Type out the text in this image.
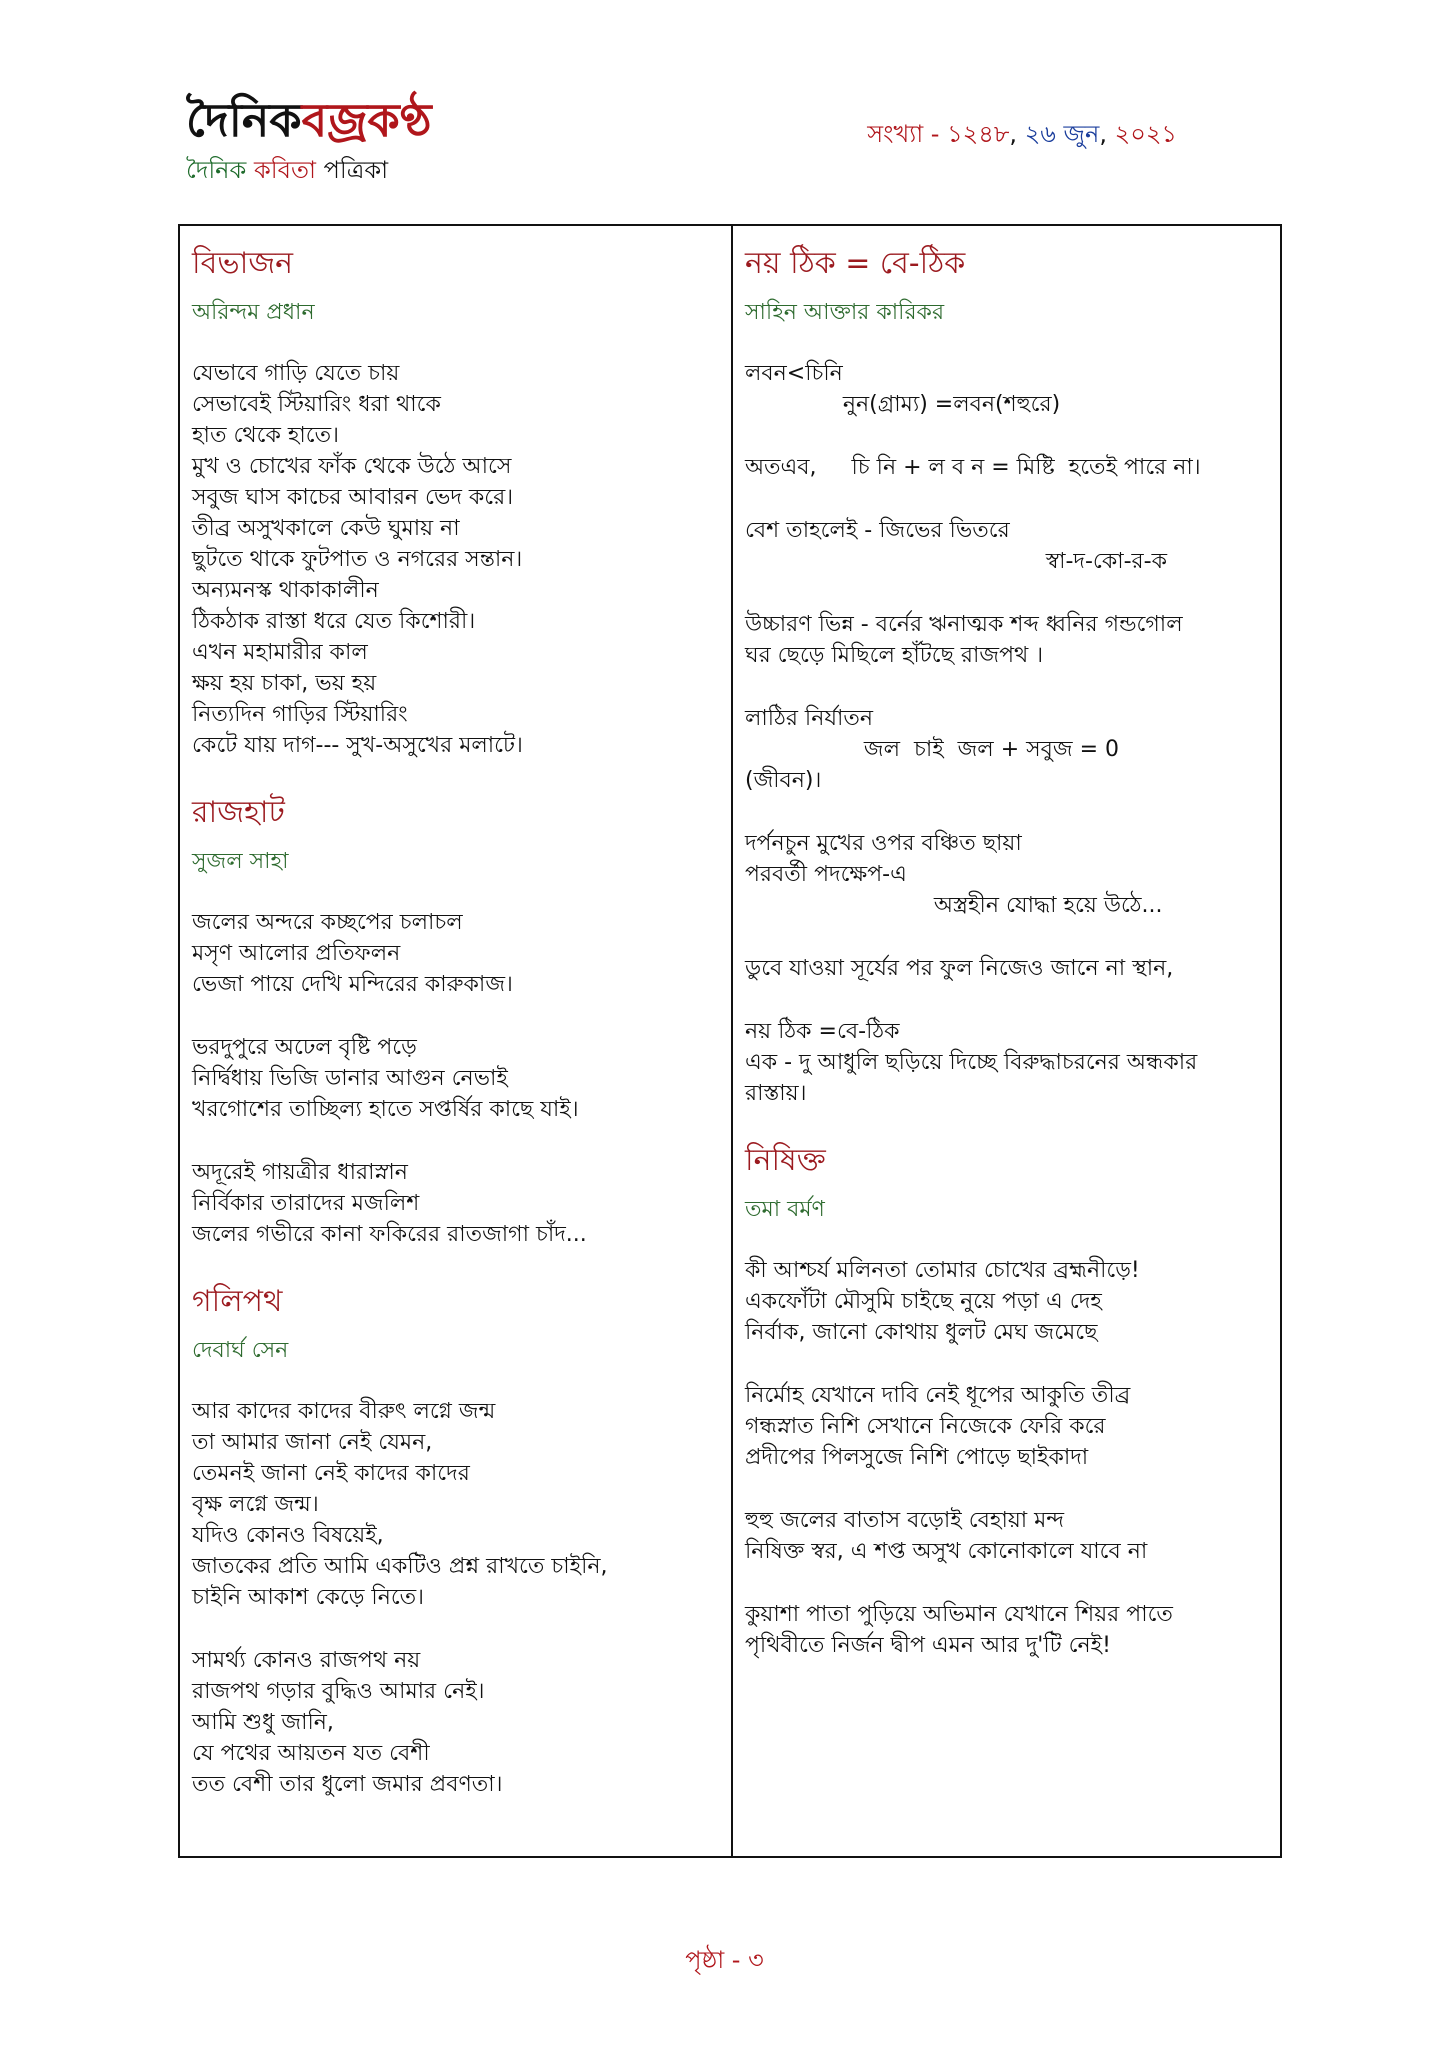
দৈনিকবজ্রকণ্ঠ
দৈনিক কবিতা পত্রিকা
সংখ্যা - ১২৪৮, ২৬ জুন, ২০২১
বিভাজন
অরিন্দম প্রধান
যেভাবে গাড়ি যেতে চায়
সেভাবেই স্টিয়ারিং ধরা থাকে
হাত থেকে হাতে।
মুখ ও চোখের ফাঁক থেকে উঠে আসে
সবুজ ঘাস কাচের আবারন ভেদ করে।
তীব্র অসুখকালে কেউ ঘুমায় না
ছুটতে থাকে ফুটপাত ও নগরের সন্তান।
অন্যমনস্ক থাকাকালীন
ঠিকঠাক রাস্তা ধরে যেত কিশোরী।
এখন মহামারীর কাল
ক্ষয় হয় চাকা, ভয় হয়
নিত্যদিন গাড়ির স্টিয়ারিং
কেটে যায় দাগ--- সুখ-অসুখের মলাটে।
রাজহাট
সুজল সাহা
জলের অন্দরে কচ্ছপের চলাচল
মসৃণ আলোর প্রতিফলন
ভেজা পায়ে দেখি মন্দিরের কারুকাজ।
ভরদুপুরে অঢেল বৃষ্টি পড়ে
নির্দ্বিধায় ভিজি ডানার আগুন নেভাই
খরগোশের তাচ্ছিল্য হাতে সপ্তর্ষির কাছে যাই।
অদূরেই গায়ত্রীর ধারাস্নান
নির্বিকার তারাদের মজলিশ
জলের গভীরে কানা ফকিরের রাতজাগা চাঁদ...
গলিপথ
দেবার্ঘ সেন
আর কাদের কাদের বীরুৎ লগ্নে জন্ম
তা আমার জানা নেই যেমন,
তেমনই জানা নেই কাদের কাদের
বৃক্ষ লগ্নে জন্ম।
যদিও কোনও বিষয়েই,
জাতকের প্রতি আমি একটিও প্রশ্ন রাখতে চাইনি,
চাইনি আকাশ কেড়ে নিতে।
সামর্থ্য কোনও রাজপথ নয়
রাজপথ গড়ার বুদ্ধিও আমার নেই।
আমি শুধু জানি,
যে পথের আয়তন যত বেশী
তত বেশী তার ধুলো জমার প্রবণতা।
নয় ঠিক = বে-ঠিক
সাহিন আক্তার কারিকর
লবন<চিনি
নুন(গ্রাম্য) =লবন(শহুরে)
অতএব,     চি নি + ল ব ন = মিষ্টি  হতেই পারে না।
বেশ তাহলেই - জিভের ভিতরে
স্বা-দ-কো-র-ক
উচ্চারণ ভিন্ন - বর্নের ঋনাত্মক শব্দ ধ্বনির গন্ডগোল
ঘর ছেড়ে মিছিলে হাঁটছে রাজপথ ।
লাঠির নির্যাতন
জল  চাই  জল + সবুজ = 0
(জীবন)।
দর্পনচুন মুখের ওপর বঞ্চিত ছায়া
পরবর্তী পদক্ষেপ-এ
অস্ত্রহীন যোদ্ধা হয়ে উঠে...
ডুবে যাওয়া সূর্যের পর ফুল নিজেও জানে না স্থান,
নয় ঠিক =বে-ঠিক
এক - দু আধুলি ছড়িয়ে দিচ্ছে বিরুদ্ধাচরনের অন্ধকার
রাস্তায়।
নিষিক্ত
তমা বর্মণ
কী আশ্চর্য মলিনতা তোমার চোখের ব্রহ্মনীড়ে!
একফোঁটা মৌসুমি চাইছে নুয়ে পড়া এ দেহ
নির্বাক, জানো কোথায় ধুলট মেঘ জমেছে
নির্মোহ যেখানে দাবি নেই ধূপের আকুতি তীব্র
গন্ধস্নাত নিশি সেখানে নিজেকে ফেরি করে
প্রদীপের পিলসুজে নিশি পোড়ে ছাইকাদা
হুহু জলের বাতাস বড়োই বেহায়া মন্দ
নিষিক্ত স্বর, এ শপ্ত অসুখ কোনোকালে যাবে না
কুয়াশা পাতা পুড়িয়ে অভিমান যেখানে শিয়র পাতে
পৃথিবীতে নির্জন দ্বীপ এমন আর দু'টি নেই!
পৃষ্ঠা - ৩
